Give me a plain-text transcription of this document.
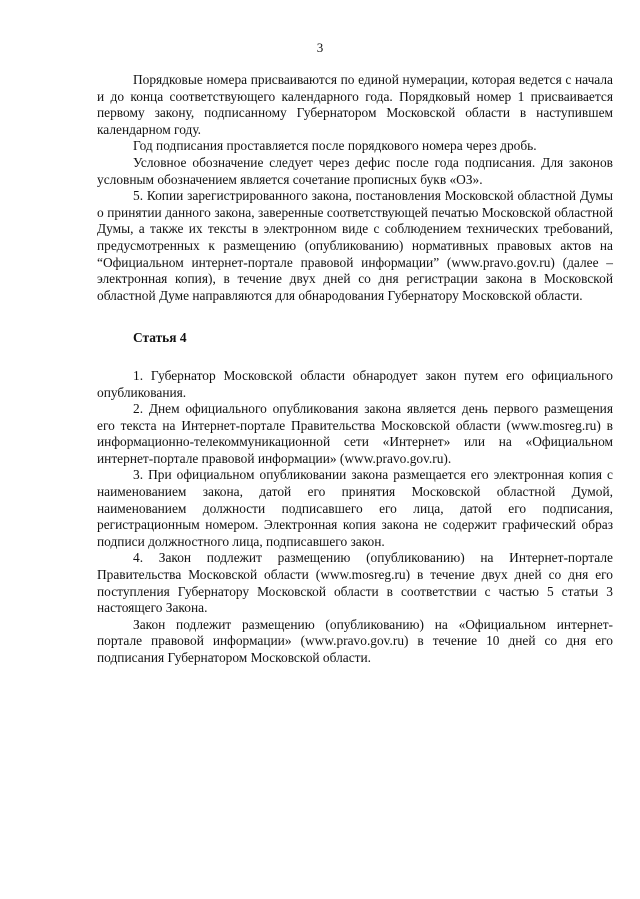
3

Порядковые номера присваиваются по единой нумерации, которая ведется с начала и до конца соответствующего календарного года. Порядковый номер 1 присваивается первому закону, подписанному Губернатором Московской области в наступившем календарном году.

Год подписания проставляется после порядкового номера через дробь.

Условное обозначение следует через дефис после года подписания. Для законов условным обозначением является сочетание прописных букв «ОЗ».

5. Копии зарегистрированного закона, постановления Московской областной Думы о принятии данного закона, заверенные соответствующей печатью Московской областной Думы, а также их тексты в электронном виде с соблюдением технических требований, предусмотренных к размещению (опубликованию) нормативных правовых актов на “Официальном интернет-портале правовой информации” (www.pravo.gov.ru) (далее – электронная копия), в течение двух дней со дня регистрации закона в Московской областной Думе направляются для обнародования Губернатору Московской области.

Статья 4

1. Губернатор Московской области обнародует закон путем его официального опубликования.

2. Днем официального опубликования закона является день первого размещения его текста на Интернет-портале Правительства Московской области (www.mosreg.ru) в информационно-телекоммуникационной сети «Интернет» или на «Официальном интернет-портале правовой информации» (www.pravo.gov.ru).

3. При официальном опубликовании закона размещается его электронная копия с наименованием закона, датой его принятия Московской областной Думой, наименованием должности подписавшего его лица, датой его подписания, регистрационным номером. Электронная копия закона не содержит графический образ подписи должностного лица, подписавшего закон.

4. Закон подлежит размещению (опубликованию) на Интернет-портале Правительства Московской области (www.mosreg.ru) в течение двух дней со дня его поступления Губернатору Московской области в соответствии с частью 5 статьи 3 настоящего Закона.

Закон подлежит размещению (опубликованию) на «Официальном интернет-портале правовой информации» (www.pravo.gov.ru) в течение 10 дней со дня его подписания Губернатором Московской области.
